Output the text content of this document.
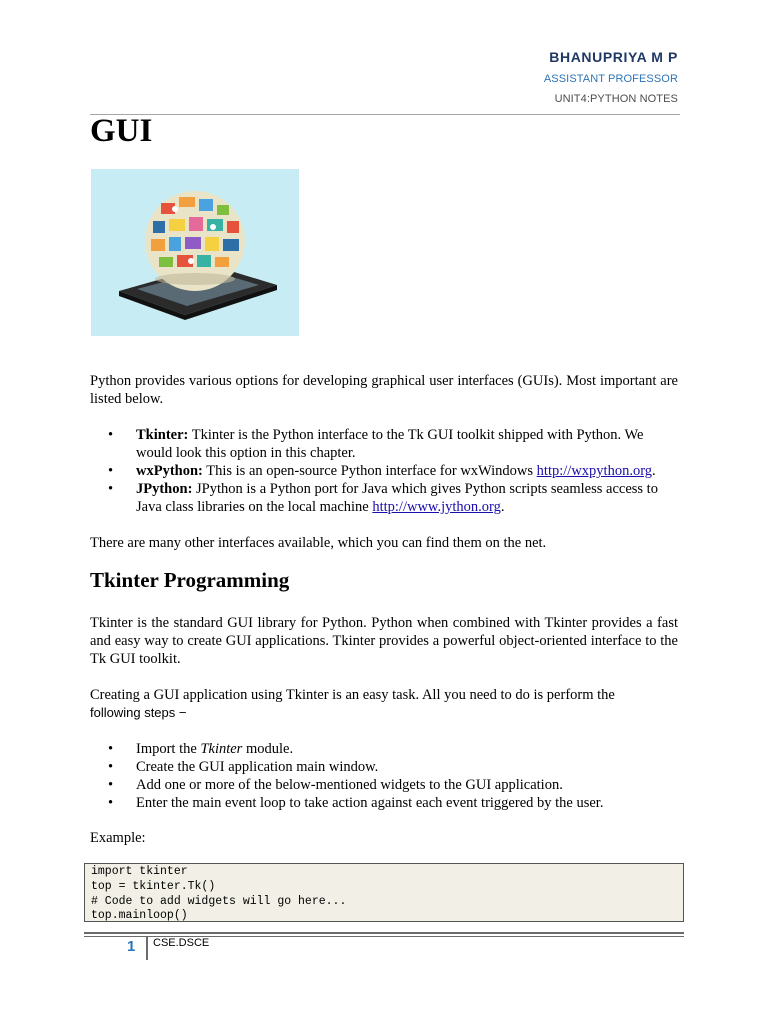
BHANUPRIYA M P
ASSISTANT PROFESSOR
UNIT4:PYTHON NOTES
GUI

Python provides various options for developing graphical user interfaces (GUIs). Most important are listed below.

• Tkinter: Tkinter is the Python interface to the Tk GUI toolkit shipped with Python. We would look this option in this chapter.
• wxPython: This is an open-source Python interface for wxWindows http://wxpython.org.
• JPython: JPython is a Python port for Java which gives Python scripts seamless access to Java class libraries on the local machine http://www.jython.org.

There are many other interfaces available, which you can find them on the net.

Tkinter Programming

Tkinter is the standard GUI library for Python. Python when combined with Tkinter provides a fast and easy way to create GUI applications. Tkinter provides a powerful object-oriented interface to the Tk GUI toolkit.

Creating a GUI application using Tkinter is an easy task. All you need to do is perform the
following steps −

• Import the Tkinter module.
• Create the GUI application main window.
• Add one or more of the below-mentioned widgets to the GUI application.
• Enter the main event loop to take action against each event triggered by the user.

Example:

import tkinter
top = tkinter.Tk()
# Code to add widgets will go here...
top.mainloop()
1 CSE.DSCE
